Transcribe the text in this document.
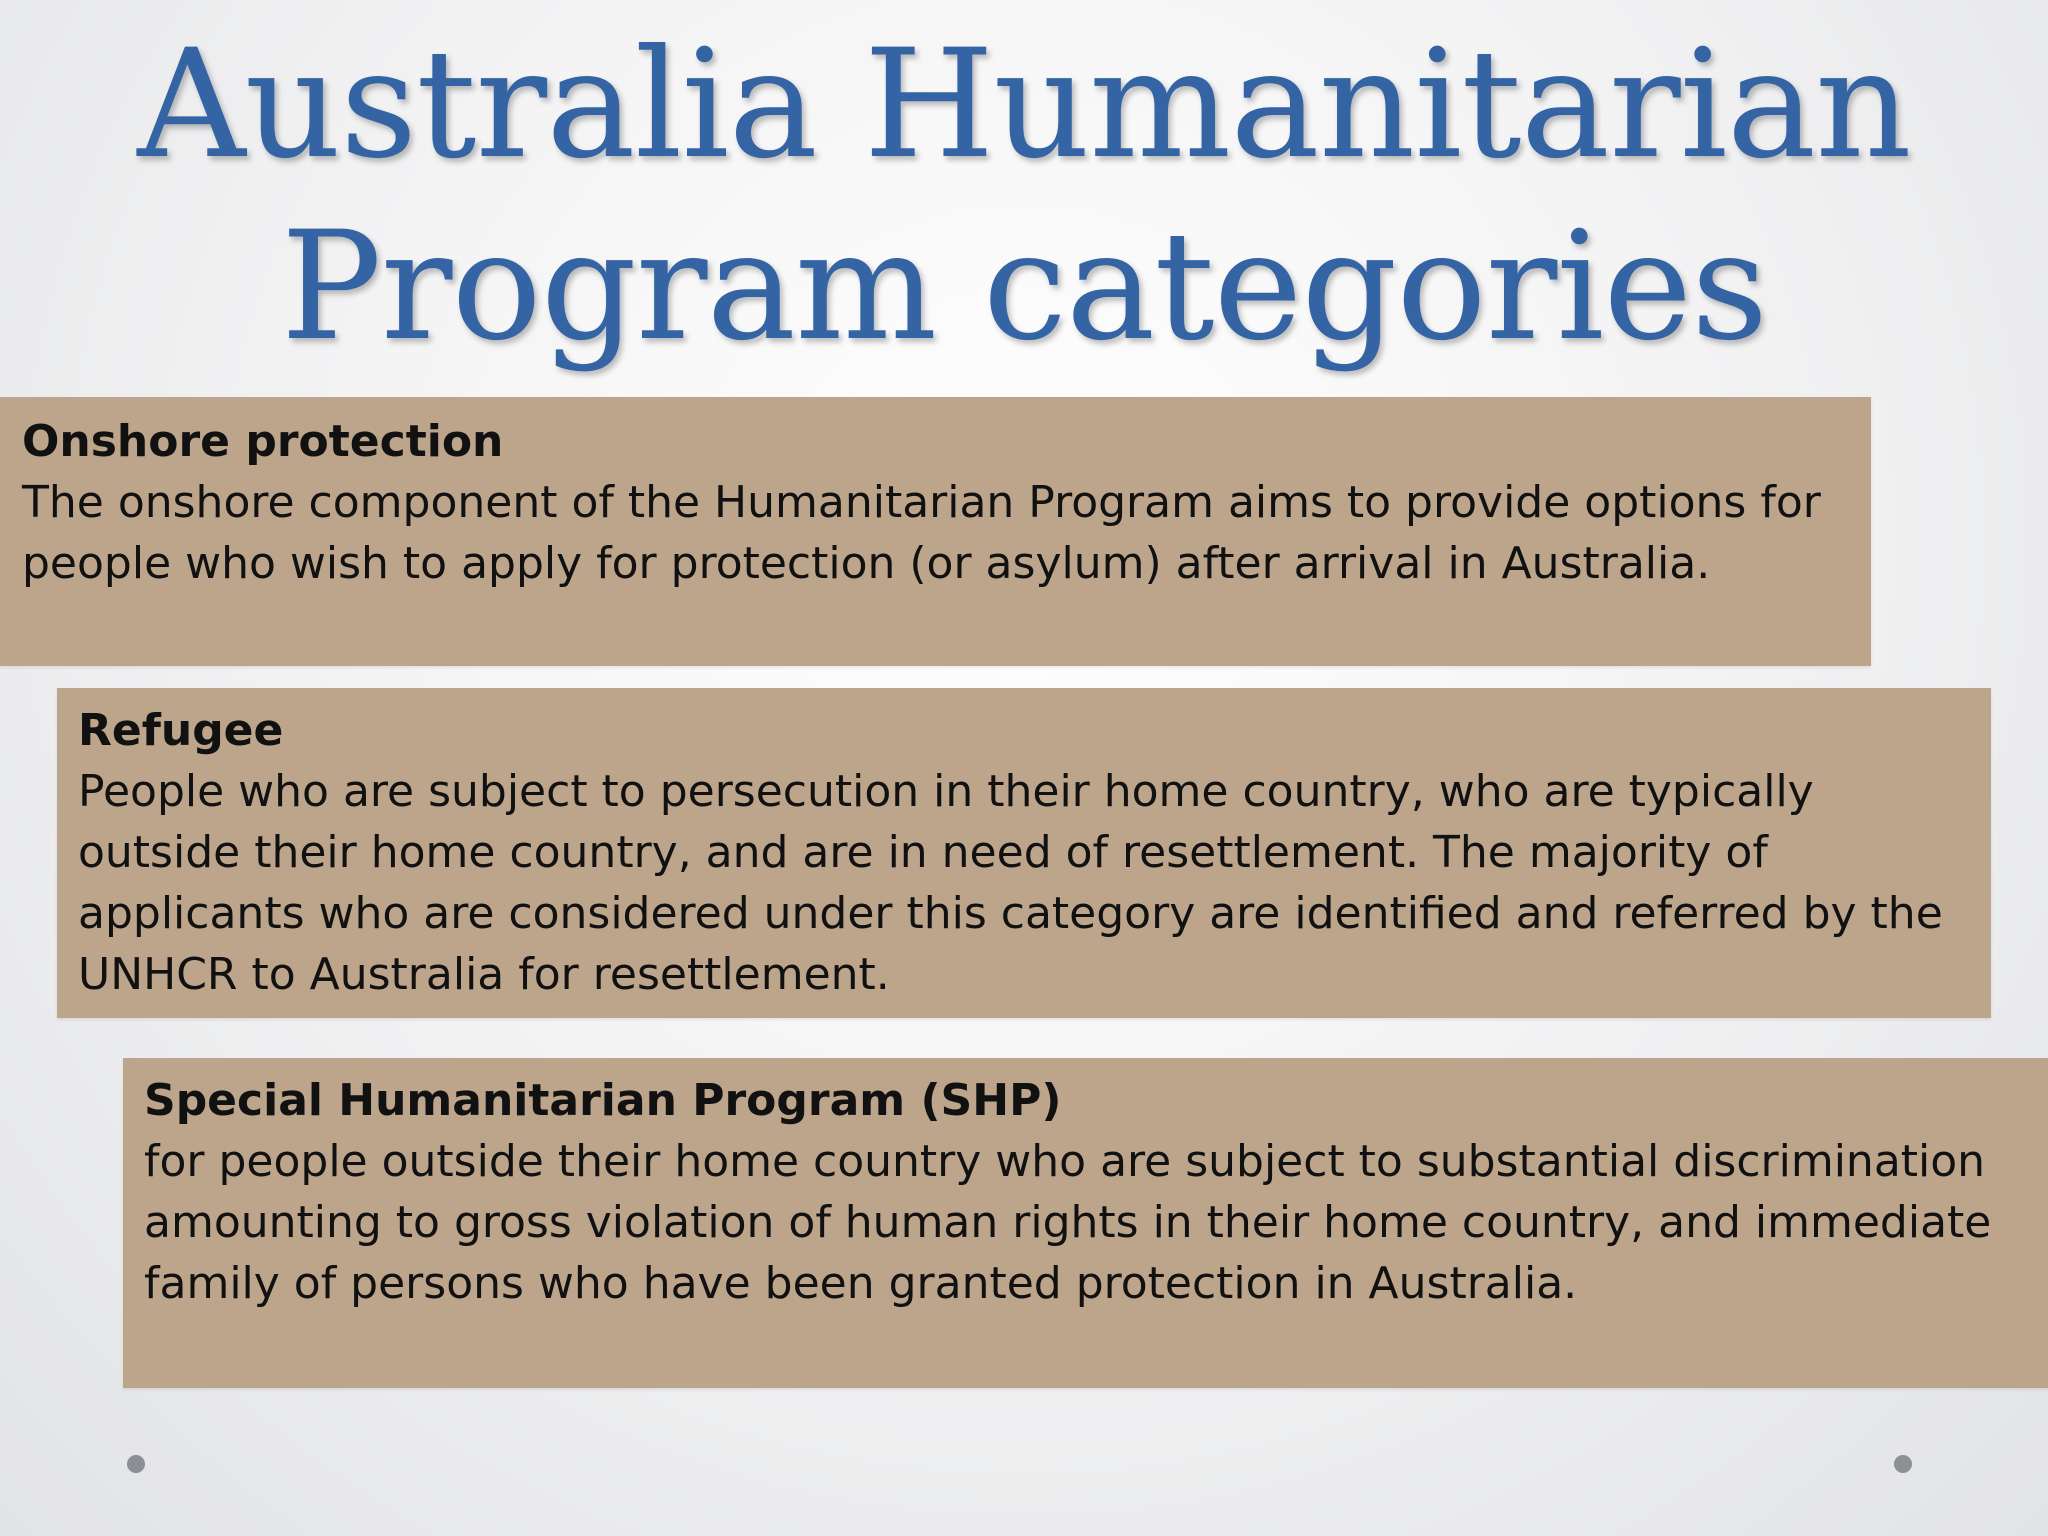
Australia Humanitarian
Program categories

Onshore protection

The onshore component of the Humanitarian Program aims to provide options for people who wish to apply for protection (or asylum) after arrival in Australia.

Refugee

People who are subject to persecution in their home country, who are typically outside their home country, and are in need of resettlement. The majority of applicants who are considered under this category are identified and referred by the UNHCR to Australia for resettlement.

Special Humanitarian Program (SHP)

for people outside their home country who are subject to substantial discrimination amounting to gross violation of human rights in their home country, and immediate family of persons who have been granted protection in Australia.
